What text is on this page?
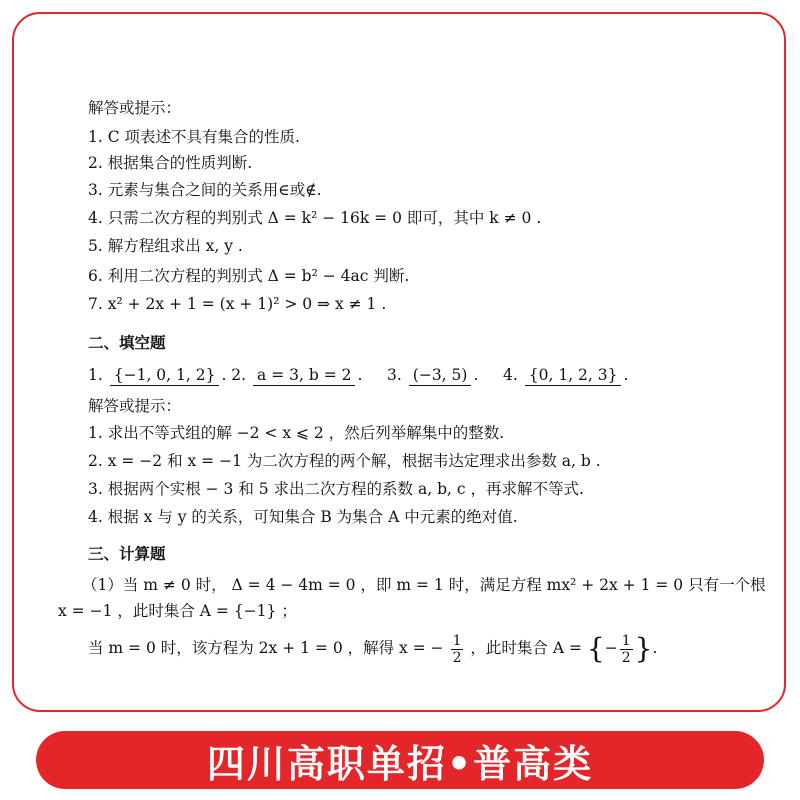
解答或提示：
1. C 项表述不具有集合的性质.
2. 根据集合的性质判断.
3. 元素与集合之间的关系用∈或∉.
4. 只需二次方程的判别式 Δ = k² − 16k = 0 即可，其中 k ≠ 0 .
5. 解方程组求出 x, y .
6. 利用二次方程的判别式 Δ = b² − 4ac 判断.
7. x² + 2x + 1 = (x + 1)² > 0 ⇒ x ≠ 1 .
二、填空题
1. {−1, 0, 1, 2} . 2. a = 3, b = 2 .     3. (−3, 5) .     4. {0, 1, 2, 3} .
解答或提示：
1. 求出不等式组的解 −2 < x ⩽ 2 ，然后列举解集中的整数.
2. x = −2 和 x = −1 为二次方程的两个解，根据韦达定理求出参数 a, b .
3. 根据两个实根 − 3 和 5 求出二次方程的系数 a, b, c ，再求解不等式.
4. 根据 x 与 y 的关系，可知集合 B 为集合 A 中元素的绝对值.
三、计算题
（1）当 m ≠ 0 时， Δ = 4 − 4m = 0 ，即 m = 1 时，满足方程 mx² + 2x + 1 = 0 只有一个根
x = −1 ，此时集合 A = {−1} ；
当 m = 0 时，该方程为 2x + 1 = 0 ，解得 x = − $\frac{1}{2}$ ，此时集合 A = {− $\frac{1}{2}$ }.
四川高职单招•普高类
